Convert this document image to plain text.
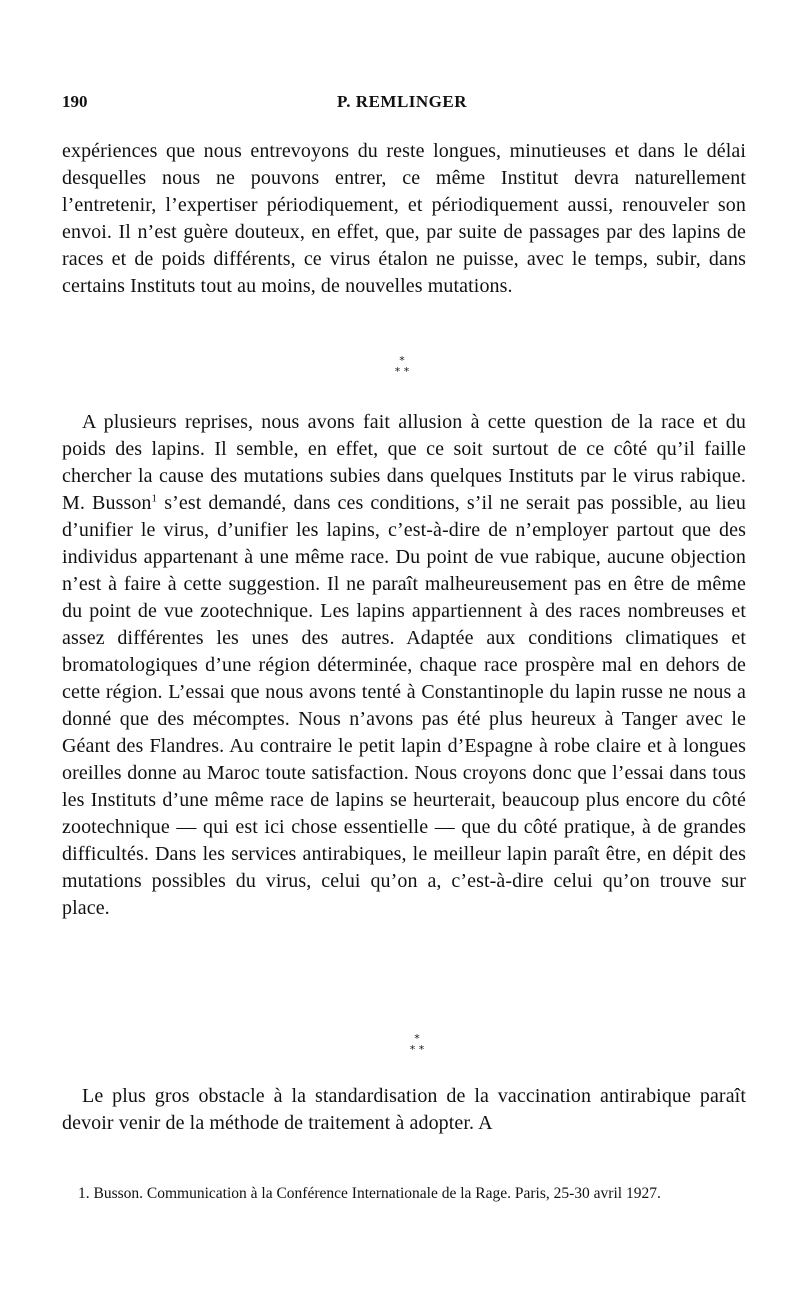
190	P. REMLINGER

expériences que nous entrevoyons du reste longues, minutieuses et dans le délai desquelles nous ne pouvons entrer, ce même Institut devra naturellement l’entretenir, l’expertiser périodiquement, et périodiquement aussi, renouveler son envoi. Il n’est guère douteux, en effet, que, par suite de passages par des lapins de races et de poids différents, ce virus étalon ne puisse, avec le temps, subir, dans certains Instituts tout au moins, de nouvelles mutations.

*
* *

A plusieurs reprises, nous avons fait allusion à cette question de la race et du poids des lapins. Il semble, en effet, que ce soit surtout de ce côté qu’il faille chercher la cause des mutations subies dans quelques Instituts par le virus rabique. M. Busson$^1$ s’est demandé, dans ces conditions, s’il ne serait pas possible, au lieu d’unifier le virus, d’unifier les lapins, c’est-à-dire de n’employer partout que des individus appartenant à une même race. Du point de vue rabique, aucune objection n’est à faire à cette suggestion. Il ne paraît malheureusement pas en être de même du point de vue zootechnique. Les lapins appartiennent à des races nombreuses et assez différentes les unes des autres. Adaptée aux conditions climatiques et bromatologiques d’une région déterminée, chaque race prospère mal en dehors de cette région. L’essai que nous avons tenté à Constantinople du lapin russe ne nous a donné que des mécomptes. Nous n’avons pas été plus heureux à Tanger avec le Géant des Flandres. Au contraire le petit lapin d’Espagne à robe claire et à longues oreilles donne au Maroc toute satisfaction. Nous croyons donc que l’essai dans tous les Instituts d’une même race de lapins se heurterait, beaucoup plus encore du côté zootechnique — qui est ici chose essentielle — que du côté pratique, à de grandes difficultés. Dans les services antirabiques, le meilleur lapin paraît être, en dépit des mutations possibles du virus, celui qu’on a, c’est-à-dire celui qu’on trouve sur place.

*
* *

Le plus gros obstacle à la standardisation de la vaccination antirabique paraît devoir venir de la méthode de traitement à adopter. A

1. Busson. Communication à la Conférence Internationale de la Rage. Paris, 25-30 avril 1927.
